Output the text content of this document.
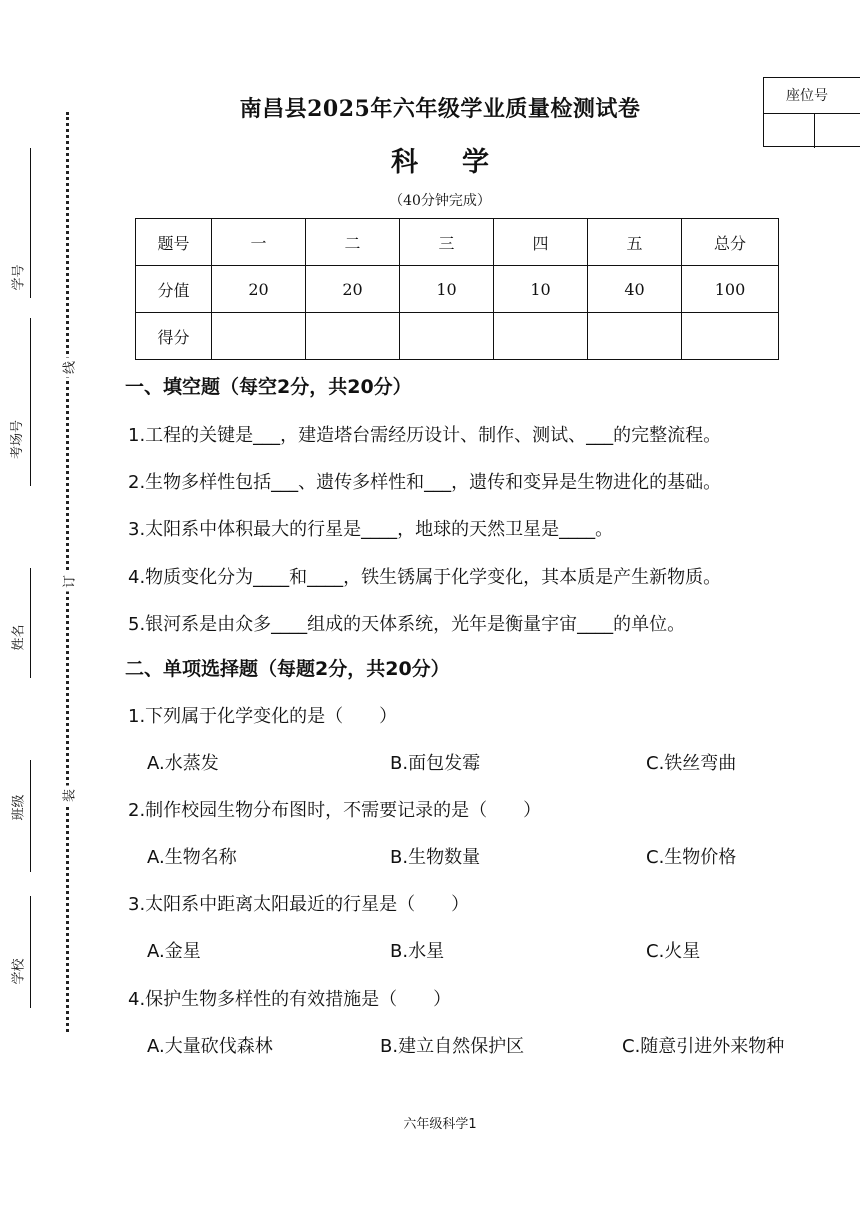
学号
考场号
姓名
班级
学校
线
订
装
座位号
南昌县2025年六年级学业质量检测试卷
科学
（40分钟完成）
题号	一	二	三	四	五	总分
分值	20	20	10	10	40	100
得分						
一、填空题（每空2分，共20分）
1.工程的关键是___，建造塔台需经历设计、制作、测试、___的完整流程。
2.生物多样性包括___、遗传多样性和___，遗传和变异是生物进化的基础。
3.太阳系中体积最大的行星是____，地球的天然卫星是____。
4.物质变化分为____和____，铁生锈属于化学变化，其本质是产生新物质。
5.银河系是由众多____组成的天体系统，光年是衡量宇宙____的单位。
二、单项选择题（每题2分，共20分）
1.下列属于化学变化的是（　　）
A.水蒸发	B.面包发霉	C.铁丝弯曲
2.制作校园生物分布图时，不需要记录的是（　　）
A.生物名称	B.生物数量	C.生物价格
3.太阳系中距离太阳最近的行星是（　　）
A.金星	B.水星	C.火星
4.保护生物多样性的有效措施是（　　）
A.大量砍伐森林	B.建立自然保护区	C.随意引进外来物种
六年级科学1
